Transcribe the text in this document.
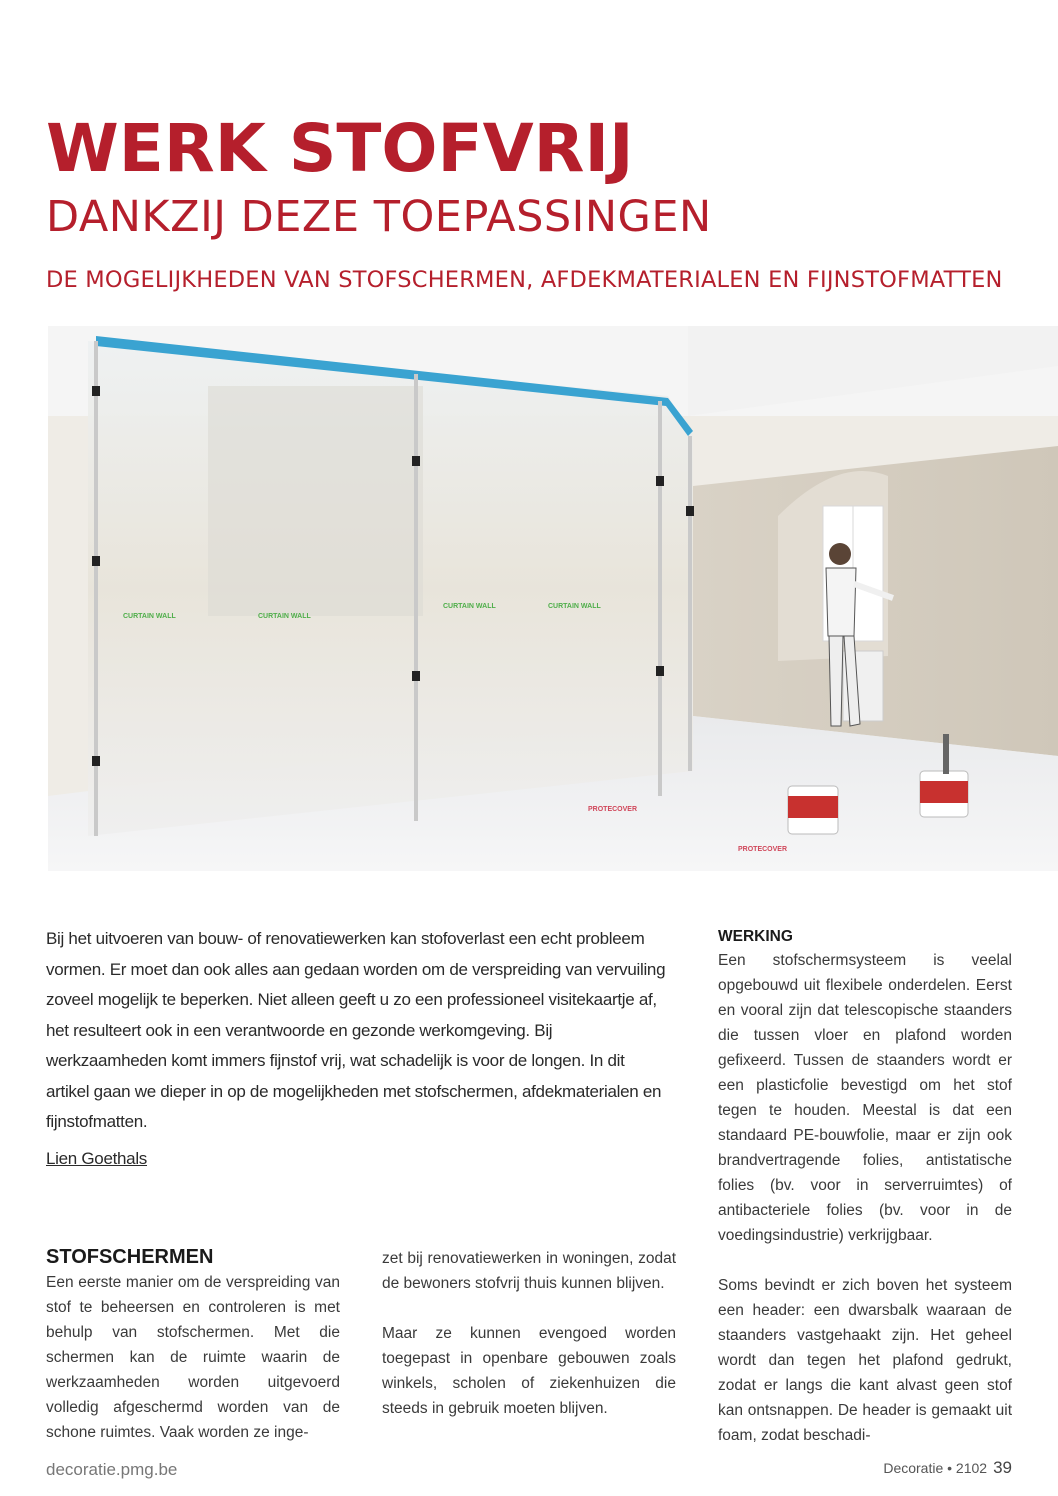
WERK STOFVRIJ
DANKZIJ DEZE TOEPASSINGEN

DE MOGELIJKHEDEN VAN STOFSCHERMEN, AFDEKMATERIALEN EN FIJNSTOFMATTEN

CURTAIN WALL	CURTAIN WALL
CURTAIN WALL	CURTAIN WALL
PROTECOVER
PROTECOVER

Bij het uitvoeren van bouw- of renovatiewerken kan stofoverlast een echt probleem vormen. Er moet dan ook alles aan gedaan worden om de verspreiding van vervuiling zoveel mogelijk te beperken. Niet alleen geeft u zo een professioneel visitekaartje af, het resulteert ook in een verantwoorde en gezonde werkomgeving. Bij werkzaamheden komt immers fijnstof vrij, wat schadelijk is voor de longen. In dit artikel gaan we dieper in op de mogelijkheden met stofschermen, afdekmaterialen en fijnstofmatten.

Lien Goethals

STOFSCHERMEN

Een eerste manier om de verspreiding van stof te beheersen en controleren is met behulp van stofschermen. Met die schermen kan de ruimte waarin de werkzaamheden worden uitgevoerd volledig afgeschermd worden van de schone ruimtes. Vaak worden ze inge-

zet bij renovatiewerken in woningen, zodat de bewoners stofvrij thuis kunnen blijven.

Maar ze kunnen evengoed worden toegepast in openbare gebouwen zoals winkels, scholen of ziekenhuizen die steeds in gebruik moeten blijven.

WERKING

Een stofschermsysteem is veelal opgebouwd uit flexibele onderdelen. Eerst en vooral zijn dat telescopische staanders die tussen vloer en plafond worden gefixeerd. Tussen de staanders wordt er een plasticfolie bevestigd om het stof tegen te houden. Meestal is dat een standaard PE-bouwfolie, maar er zijn ook brandvertragende folies, antistatische folies (bv. voor in serverruimtes) of antibacteriele folies (bv. voor in de voedingsindustrie) verkrijgbaar.

Soms bevindt er zich boven het systeem een header: een dwarsbalk waaraan de staanders vastgehaakt zijn. Het geheel wordt dan tegen het plafond gedrukt, zodat er langs die kant alvast geen stof kan ontsnappen. De header is gemaakt uit foam, zodat beschadi-

decoratie.pmg.be	Decoratie • 2102 39
